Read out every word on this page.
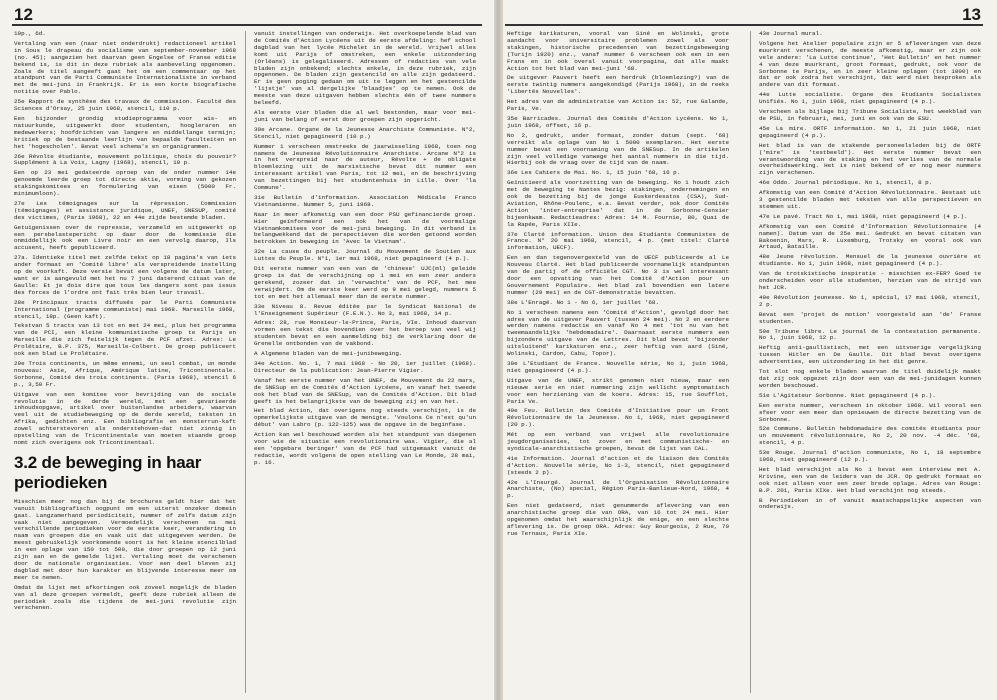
12

10p., 6d.

Vertaling van een (naar niet onderdrukt) redactioneel artikel in Sous le drapeau du socialisme van september-november 1968 (no. 45); aangezien het daarvan geen Engelse of Franse editie bekend is, is dit in deze rubriek als aanbeveling opgenomen. Zoals de titel aangeeft gaat het om een commentaar op het standpunt van de Parti Communiste Internationaliste in verband met de mei-juni in Frankrijk. Er is een korte biografische notitie over Pablo.

25e Rapport de synthèse des travaux de commission. Faculté des Sciences d'Orsay, 25 juin 1968, stencil, 110 p.

Een bijzonder grondig studieprogramma voor wis- en natuurkunde, uitgewerkt door studenten, hoogleraren en medewerkers; hoofdrichten van langere en middellange termijn; kritiek op de bestaande leerlijn van bepaalde faculteiten en het 'hogescholen'. Bevat veel schema's en organigrammen.

26e Révolte étudiante, mouvement politique, choix du pouvoir? Supplément à La Voix, Lagny (1968), stencil, 10 p.

Een op 23 mei gedateerde oproep van de onder nummer 14e genoemde leerde groep tot directe aktie, vorming van gekozen stakingskomitees en formulering van eisen (5000 Fr. minimumloon).

27e Les témoignages sur la répression. Commission (témoignages) et assistance juridique, UNEF, SNESUP, comité des victimes, (Paris 1968), 22 en 44e zijde bestemde bladen.

Getuigenissen over de repressie, verzameld en uitgewerkt op een persbelastepericht op daar door de kommissie die onmiddellijk ook een Livre noir en een vervolg daarop, Ils accusent, heeft gepubliceerd.

27a. Identieke titel met zelfde tekst op 18 pagina's van iets ander formaat en 'Comité libre' als verspreidende instelling op de voorkaft. Deze versie bevat een volgens de datum later, want er is aangevuld met het nu 7 juni daterend citaat van de Gaulle: Et je dois dire que tous les dangers sont pas issus des forces de l'ordre ont fait très bien leur travail.

28e Principaux tracts diffusés par le Parti Communiste International (programme communiste) mai 1968. Marseille 1968, stencil, 18p. (Geen kaft).

Tekstvan 5 tracts van 13 tot en met 24 mei, plus het programma van de PCI, een kleine kommunistische groep te Parijs en Marseille die zich feitelijk tegen de PCF afzet. Adres: Le Prolétaire, B.P. 375, Marseille-Colbert. De groep publiceert ook een blad Le Prolétaire.

29e Trois continents, un même ennemi, un seul combat, un monde nouveau: Asie, Afrique, Amérique latine, Tricontinentale. Sorbonne, Comité des trois continents. (Paris 1968), stencil 6 p., 3,50 Fr.

Uitgave van een komitee voor bevrijding van de sociale revolutie in de derde wereld, met een gevarieerde inhoudsopgave, artikel over buitenlandse arbeiders, waarvan veel uit de studiebeweging op de derde wereld, teksten in Afrika, gedichten enz. Een bibliografie en monsterrun-kaft zowel achterstevoren als onderstehoven-dat niet zinnig in opstelling van de Tricontinentale van moeten staande groep nomt zich overigens ook Tricontinentaal.

3.2 de beweging in haar periodieken

Misschien meer nog dan bij de brochures geldt hier dat het vanuit bibliografisch oogpunt om een uiterst onzeker domein gaat. Langzamerhand periodiciteit, nummer of zelfs datum zijn vaak niet aangegeven. Vermoedelijk verschenen na mei verschillende periodieken voor de eerste keer, verandering in naam van groepen die en vaak uit dat uitgegeven werden. De meest gebruikelijk voorkomende soort is het kleine stencilblad in een oplage van 150 tot 500, die door groepen op 12 juni zijn aan en de gemelde lijst. Vertaling moet de verschenen door de nationale organisaties. Voor een deel bleven zij dagblad met door hun karakter en blijvende interesse meer om meer te nemen.

Omdat de lijst met afkortingen ook zoveel mogelijk de bladen van al deze groepen vermeldt, geeft deze rubriek alleen de periodiek zoals die tijdens de mei-juni revolutie zijn verschenen.

vanuit instellingen van onderwijs. Het overkoepelende blad van de Comités d'Action Lycéens uit de eerste afdeling: hef school dagblad van het lycée Michelet in de wereld. Vrijwel alles komt uit Parijs of omstreken, een enkele uitzondering (Orléans) is gelegaliseerd. Adressen of redacties van vele bladen zijn onbekend; slechts enkele, in deze rubriek, zijn opgenomen. De bladen zijn gestencild en alle zijn gedateerd. Er is geen poging gedaan om uit te leggen en het gestencilde 'lijstje' van al dergelijke 'blaadjes' op te nemen. Ook de meeste van deze uitgaven hebben slechts één of twee nummers beleefd.

Als eerste vier bladen die al wel bestonden, maar voor mei-juni van belang of eerst door groepen zijn opgericht.

30e Arcane. Organe de la Jeunesse Anarchiste Communiste. N°2, Stencil, niet gepagineerd (10 p.)

Nummer 1 verscheen omstreeks de jaarwisseling 1968, toen nog namens de Jeunesse Révolutionnaire Anarchiste. Arcane N°2 is in het verspreid naar de auteur, Révolte + de obligate bloemlezing uit de marxistische bevat dit nummer een interessant artikel van Paris, tot 12 mei, en de beschrijving van bezettingen bij het studentenhuis in Lille. Over 'la Commune'.

31e Bulletin d'information. Association Médicale Franco Vietnamienne. Nummer 5, juni 1968.

Naar in meer afkomstig van een door PSU gefinancierde groep. Hier geïnformeerd een ook het van de voormalige Vietnamkomitees voor de mei-juni beweging. In dit verband is belangwekkend dat de perspectieven die worden getoond worden betrokken in beweging in 'Avec le Vietnam'.

32e La cause du peuple. Journal du Mouvement de Soutien aux Luttes du Peuple. N°1, 1er mai 1968, niet gepagineerd (4 p.).

Dit eerste nummer van een van de 'chinese' UJC(ml) geleide groep is dat de verschijning op 1 mei en een zeer anders gerekend, zozeer dat in 'verwachte' van de PCF, het mee verwijdert. Om de eerste keer werd op 9 mei gelegd, nummers 5 tot en met het allemaal meer dan de eerste nummer.

33e Niveau 8. Revue éditée par le Syndicat National de l'Enseignement Supérieur (F.E.N.). No 3, mai 1968, 14 p.

Adres: 28, rue Monsieur-le-Prince, Paris, VIe. Inhoud daarvan vormen een tekst die bovendien over het beroep van veel wij studenten bevat en een aanmelding bij de verklaring door de Grenelle ontbonden van de vakbond.

A Algemene bladen van de mei-junibeweging.

34e Action. No. 1, 7 mai 1968 - No 20, 1er juillet (1968). Directeur de la publication: Jean-Pierre Vigier.

Vanaf het eerste nummer van het UNEF, de Mouvement du 22 mars, de SNESup en de Comités d'Action Lycéens, en vanaf het tweede ook het blad van de SNESup, van de Comités d'Action. Dit blad geeft is het belangrijkste van de beweging zij en van het.

Het blad Action, dat overigens nog steeds verschijnt, is de opmerkelijkste uitgave van de menigte. 'Voulons Ce n'est qu'un début' van Labro (p. 122-125) was de opgave in de beginfase.

Action kan wel beschouwd worden als het standpunt van diegenen voor wie de situatie een revolutionaire was. Vigier, die al een 'opgebare beringer' van de PCF had uitgemaakt vanuit de redactie, wordt volgens de open stelling van Le Monde, 28 mai, p. 16.

13

Heftige karikaturen, vooral van Siné en Wolinski, grote aandacht voor universitaire problemen zowel als voor stakingen, historische precedenten van bezettingsbeweging (Turijn 1920) enz., vanaf nummer 6 verscheen ook een in een Frans en in ook overal vanuit voorpagina, dat alle maakt Action tot het blad van mei-juni '68.

De uitgever Pauvert heeft een herdruk (bloemlezing?) van de eerste twintig nummers aangekondigd (Parijs 1968), in de reeks 'Libertés Nouvelles'.

Het adres van de administratie van Action is: 52, rue Galande, Paris, Ve.

35e Barricades. Journal des Comités d'Action Lycéens. No 1, juin 1968, offset, 16 p.

No 2, gedrukt, ander formaat, zonder datum (sept. '68) verreikt als oplage van No 1 5000 exemplaren. Het eerste nummer bevat een voornaming van de SNESup. In de artikelen zijn veel volledige vanwege het aantal nummers in die tijd. Hierbij ook de vraag over de tijd van de naam.

36e Les Cahiers de Mai. No. 1, 15 juin '68, 16 p.

Geïnitieerd als voortzetting van de beweging. No 1 houdt zich met de beweging te Nantes bezig: stakingen, ondernemingen en ook de bezetting bij de jonge Euskerdesatos (CSA), Sud-Aviation, Rhône-Poulenc, e.a. Bevat verder, ook door Comités Action 'inter-entreprise' dat in de Sorbonne-Censier bijeenkwam. Redactieadres: Adres: 14 M. Fournie, 80, Quai de la Rapée, Paris XIIe.

37e Clarté information. Union des Etudiants Communistes de France. N° 20 mai 1968, stencil, 4 p. (met titel: Clarté information, UECF).

Een en dan tegenovergesteld van de UECF publiceerde al Le Nouveau Clarté. Het blad publiceerde voornamelijk standpunten van de partij of de officiële CGT. No 3 is wel interessant door een opvatting van het Comité d'Action pour un Gouvernement Populaire. Het blad zal bovendien een latere nummer (29 mei) en de CGT-demonstratie bevatten.

38e L'Enragé. No 1 - No 6, 1er juillet '68.

No 1 verscheen namens een 'Comité d'Action', gevolgd door het adres van de uitgever Pauvert (tussen 24 mei). No 2 en eerdere werden namens redactie en vanaf No 4 met 'tot nu van het tweemaandelijks 'hebdomadaire'. Daarnaast eerste nummers een bijzondere uitgave van de Lettres. Dit blad bevat 'bijzonder uitsluitend' karikaturen enz., zeer heftig van aard (Siné, Wolinski, Cardon, Cabu, Topor).

39e L'Etudiant de France. Nouvelle série, No 1, juin 1968, niet gepagineerd (4 p.).

Uitgave van de UNEF, strikt genomen niet nieuw, maar een nieuwe serie en niet nummering zijn wellicht symptomatisch voor een herziening van de koers. Adres: 15, rue Soufflot, Paris Ve.

40e Feu. Bulletin des Comités d'Initiative pour un Front Révolutionnaire de la Jeunesse. No 1, 1968, niet gepagineerd (20 p.).

Mét op een verband van vrijwel alle revolutionaire jeugdorganisaties, tot zover en met communistische- en syndicale-anarchistische groepen, bevat de lijst van CAL.

41e Information. Journal d'action et de liaison des Comités d'Action. Nouvelle série, No 1-3, stencil, niet gepagineerd (steeds 2 p).

42e L'Insurgé. Journal de l'Organisation Révolutionnaire Anarchiste, (No) special, Région Paris-Banlieue-Nord, 1968, 4 p.

Een niet gedateerd, niet genummerde aflevering van een anarchistische groep die van ORA, van 16 tot 24 mei. Hier opgenomen omdat het waarschijnlijk de enige, en een slechte aflevering is. De groep ORA. Adres: Guy Bourgeois, 2 Rue, 70 rue Ternaux, Paris XIe.

43e Journal mural.

Volgens het Atelier populaire zijn er 5 afleveringen van deze muurkrant verschenen, de meeste afkomstig, maar er zijn ook vele andere: 'La Lutte continue', 'Het Bulletin' en het nummer 4 van deze muurkrant, groot formaat, gedrukt, ook voor de Sorbonne te Parijs, en in zeer kleine oplagen (tot 1000) en dat er ook zodra het verschijnt, dat werd niet besproken als andere van dit formaat.

44e Lutte socialiste. Organe des Etudiants Socialistes Unifiés. No 1, juin 1968, niet gepagineerd (4 p.).

Verscheen als bijlage bij Tribune Socialiste, het weekblad van de PSU, in februari, mei, juni en ook van de ESU.

45e La mire. ORTF information. No 1, 21 juin 1968, niet gepagineerd (4 p.).

Het blad is van de stakende personeelsleden bij de ORTF ('mire' is 'testbeeld'). Het eerste nummer bevat een verantwoording van de staking en het verlies van de normale overheidswerking. Het is niet bekend of er nog meer nummers zijn verschenen.

46e Oddo. Journal périodique. No 1, stencil, 8 p.

Afkomstig van een Comité d'Action Révolutionnaire. Bestaat uit 3 gestencilde bladen met teksten van alle perspectieven en stemmen uit.

47e Le pavé. Tract No 1, mai 1968, niet gepagineerd (4 p.).

Afkomstig van een Comité d'Information Révolutionnaire (4 namen). Datum van de 25e mei. Gedrukt en bevat citaten van Bakoenin, Marx, R. Luxemburg, Trotsky en vooral ook van Artaud, Bataille.

48e Jeune révolution. Mensuel de la jeunesse ouvrière et étudiante. No 1, juin 1968, niet gepagineerd (4 p.).

Van de trotskistische inspiratie - misschien ex-FER? Goed te onderscheiden voor alle studenten, herzien van de strijd van het JCR.

49e Révolution jeunesse. No 1, spécial, 17 mai 1968, stencil, 2 p.

Bevat een 'projet de motion' voorgesteld aan 'de' Franse studenten.

50e Tribune libre. Le journal de la contestation permanente. No 1, juin 1968, 12 p.

Heftig anti-gaullistisch, met een uitvoerige vergelijking tussen Hitler en De Gaulle. Dit blad bevat overigens advertenties, een uitzondering in het dit genre.

Tot slot nog enkele bladen waarvan de titel duidelijk maakt dat zij ook opgezet zijn door een van de mei-junidagen kunnen worden beschouwd.

51e L'Agitateur Sorbonne. Niet gepagineerd (4 p.).

Een eerste nummer, verscheen in oktober 1968. Wil vooral een sfeer voor een meer dan opnieuwen de directe bezetting van de Sorbonne.

52e Commune. Bulletin hebdomadaire des comités étudiants pour un mouvement révolutionnaire, No 2, 20 nov. -4 déc. '68, stencil, 4 p.

53e Rouge. Journal d'action communiste, No 1, 18 septembre 1968, niet gepagineerd (12 p.).

Het blad verschijnt als No 1 bevat een interview met A. Krivine, een van de leiders van de JCR. Op gedrukt formaat en ook niet alleen voor een zeer brede oplage. Adres van Rouge: B.P. 201, Paris XIXe. Het blad verschijnt nog steeds.

B Periodieken in of vanuit maatschappelijke aspecten van onderwijs.
